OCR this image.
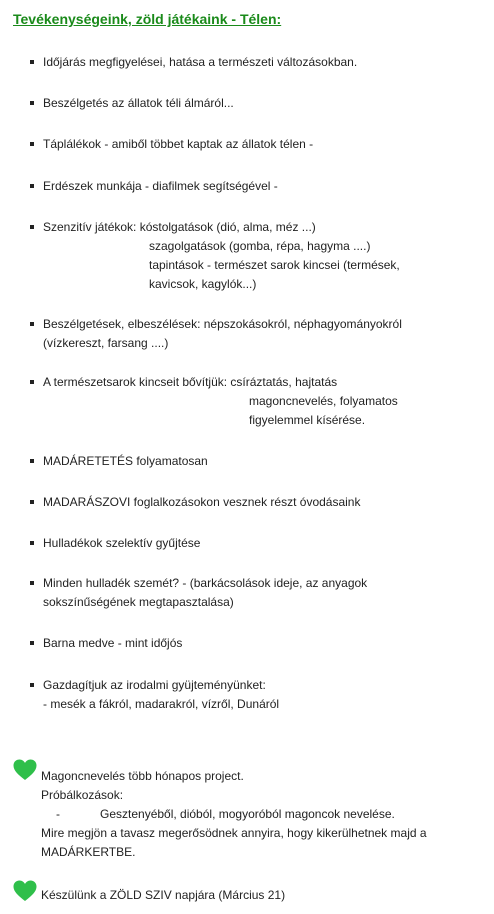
Tevékenységeink, zöld játékaink - Télen:
Időjárás megfigyelései, hatása a természeti változásokban.
Beszélgetés az állatok téli álmáról...
Táplálékok - amiből többet kaptak az állatok télen -
Erdészek munkája - diafilmek segítségével -
Szenzitív játékok: kóstolgatások (dió, alma, méz ...)
szagolgatások (gomba, répa, hagyma ....)
tapintások - természet sarok kincsei (termések,
kavicsok, kagylók...)
Beszélgetések, elbeszélések: népszokásokról, néphagyományokról
(vízkereszt, farsang ....)
A természetsarok kincseit bővítjük: csíráztatás, hajtatás
magoncnevelés, folyamatos
figyelemmel kísérése.
MADÁRETETÉS folyamatosan
MADARÁSZOVI foglalkozásokon vesznek részt óvodásaink
Hulladékok szelektív gyűjtése
Minden hulladék szemét? - (barkácsolások ideje, az anyagok
sokszínűségének megtapasztalása)
Barna medve - mint időjós
Gazdagítjuk az irodalmi gyüjteményünket:
- mesék a fákról, madarakról, vízről, Dunáról
Magoncnevelés több hónapos project.
Próbálkozások:
-	Gesztenyéből, dióból, mogyoróból magoncok nevelése.
Mire megjön a tavasz megerősödnek annyira, hogy kikerülhetnek majd a
MADÁRKERTBE.
Készülünk a ZÖLD SZIV napjára (Március 21)
